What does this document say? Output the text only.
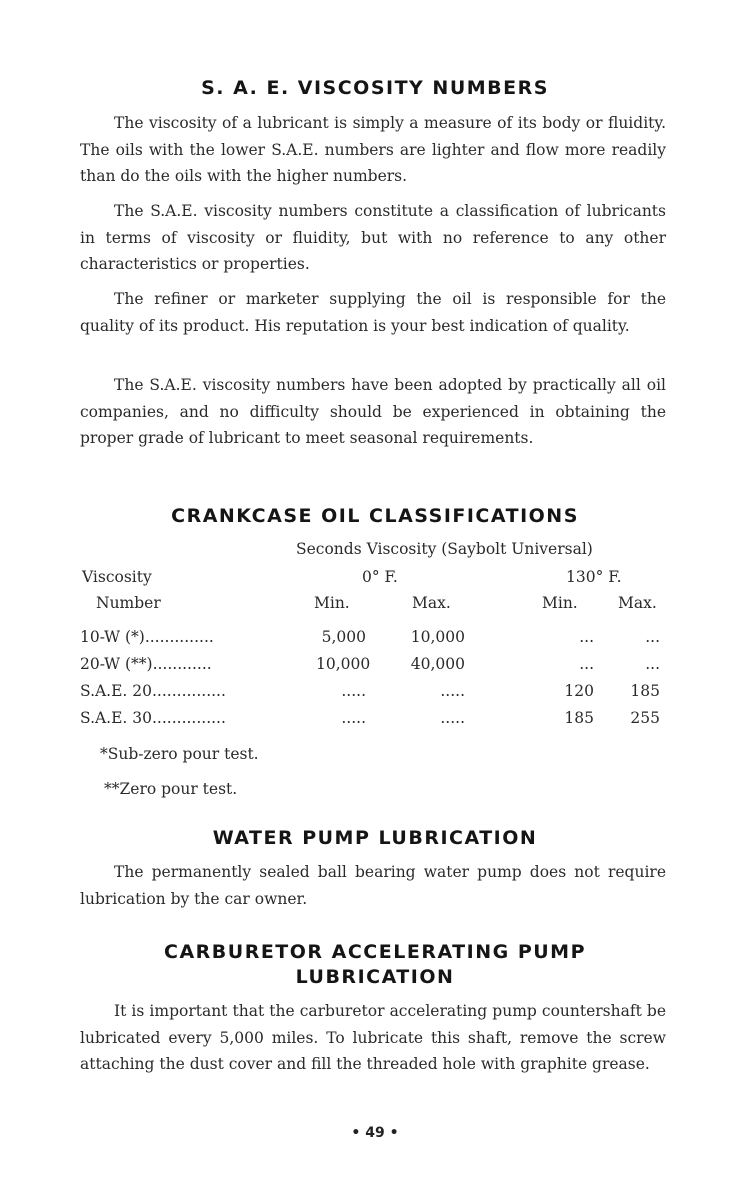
S. A. E. VISCOSITY NUMBERS

The viscosity of a lubricant is simply a measure of its body or fluidity. The oils with the lower S.A.E. numbers are lighter and flow more readily than do the oils with the higher numbers.

The S.A.E. viscosity numbers constitute a classification of lubricants in terms of viscosity or fluidity, but with no reference to any other characteristics or properties.

The refiner or marketer supplying the oil is responsible for the quality of its product. His reputation is your best indication of quality.

The S.A.E. viscosity numbers have been adopted by practically all oil companies, and no difficulty should be experienced in obtaining the proper grade of lubricant to meet seasonal requirements.

CRANKCASE OIL CLASSIFICATIONS
Seconds Viscosity (Saybolt Universal)
Viscosity	0° F.	130° F.
Number	Min.	Max.	Min.	Max.
10-W (*)..............	5,000	10,000	...	...
20-W (**)............	10,000	40,000	...	...
S.A.E. 20...............	.....	.....	120	185
S.A.E. 30...............	.....	.....	185	255
*Sub-zero pour test.
**Zero pour test.
WATER PUMP LUBRICATION

The permanently sealed ball bearing water pump does not require lubrication by the car owner.

CARBURETOR ACCELERATING PUMP
LUBRICATION

It is important that the carburetor accelerating pump countershaft be lubricated every 5,000 miles. To lubricate this shaft, remove the screw attaching the dust cover and fill the threaded hole with graphite grease.

• 49 •
